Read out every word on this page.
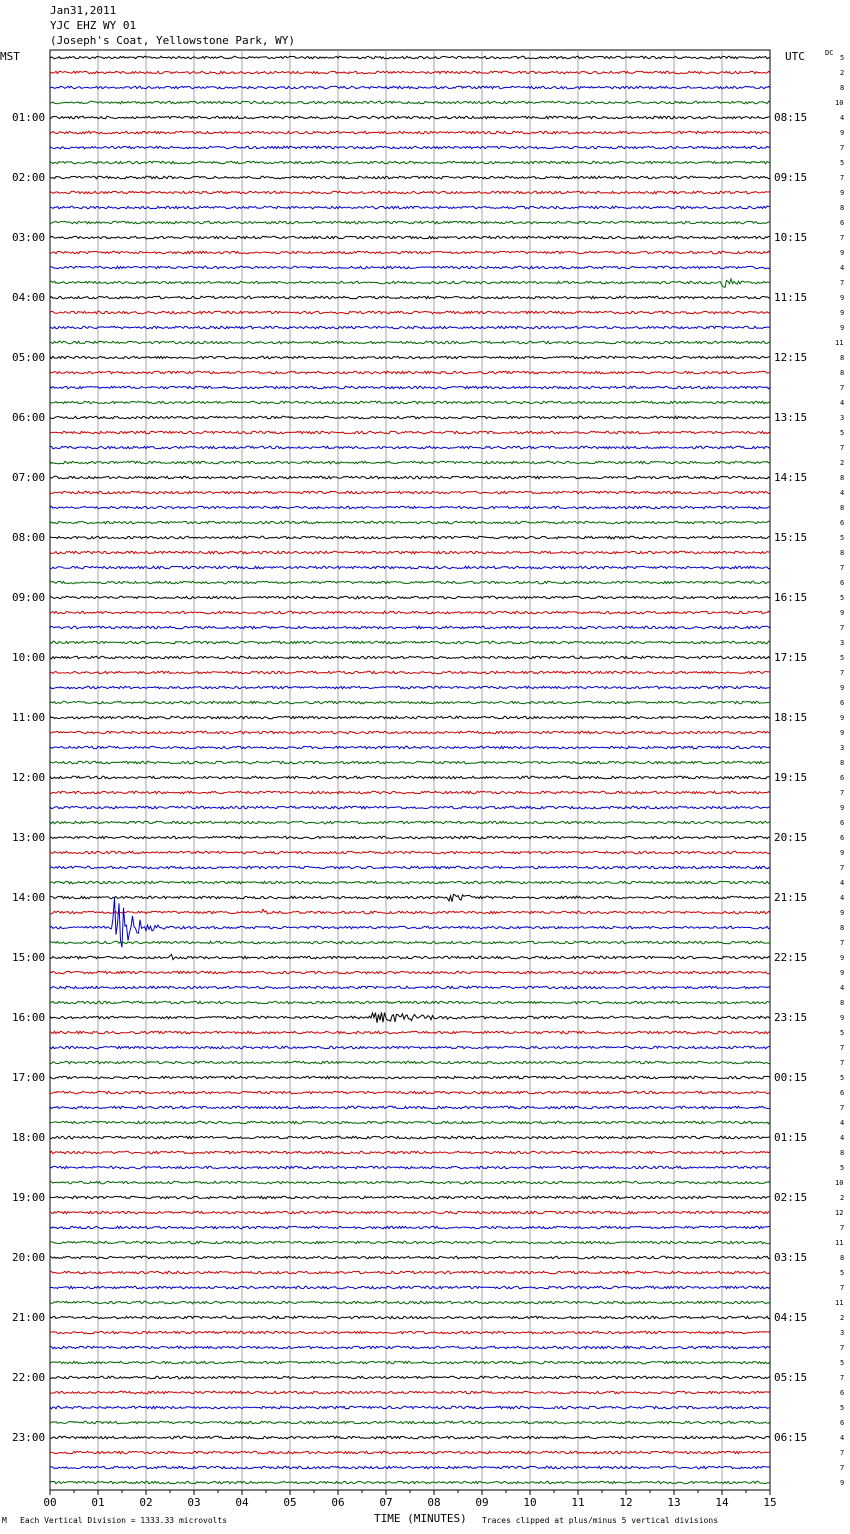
Jan31,2011
YJC EHZ WY 01
(Joseph's Coat, Yellowstone Park, WY)
MST	UTC	DC
00	01	02	03	04	05	06	07	08	09	10	11	12	13	14	15
01:00
02:00
03:00
04:00
05:00
06:00
07:00
08:00
09:00
10:00
11:00
12:00
13:00
14:00
15:00
16:00
17:00
18:00
19:00
20:00
21:00
22:00
23:00
08:15
09:15
10:15
11:15
12:15
13:15
14:15
15:15
16:15
17:15
18:15
19:15
20:15
21:15
22:15
23:15
00:15
01:15
02:15
03:15
04:15
05:15
06:15
5
2
8
10
4
9
7
5
7
9
8
6
7
9
4
7
9
9
9
11
8
8
7
4
3
5
7
2
8
4
8
6
5
8
7
6
5
9
7
3
5
7
9
6
9
9
3
8
6
7
9
6
6
9
7
4
4
9
8
7
9
9
4
8
9
5
7
7
5
6
7
4
4
8
5
10
2
12
7
11
8
5
7
11
2
3
7
5
7
6
5
6
4
7
7
9
M Each Vertical Division = 1333.33 microvolts	TIME (MINUTES) Traces clipped at plus/minus 5 vertical divisions
